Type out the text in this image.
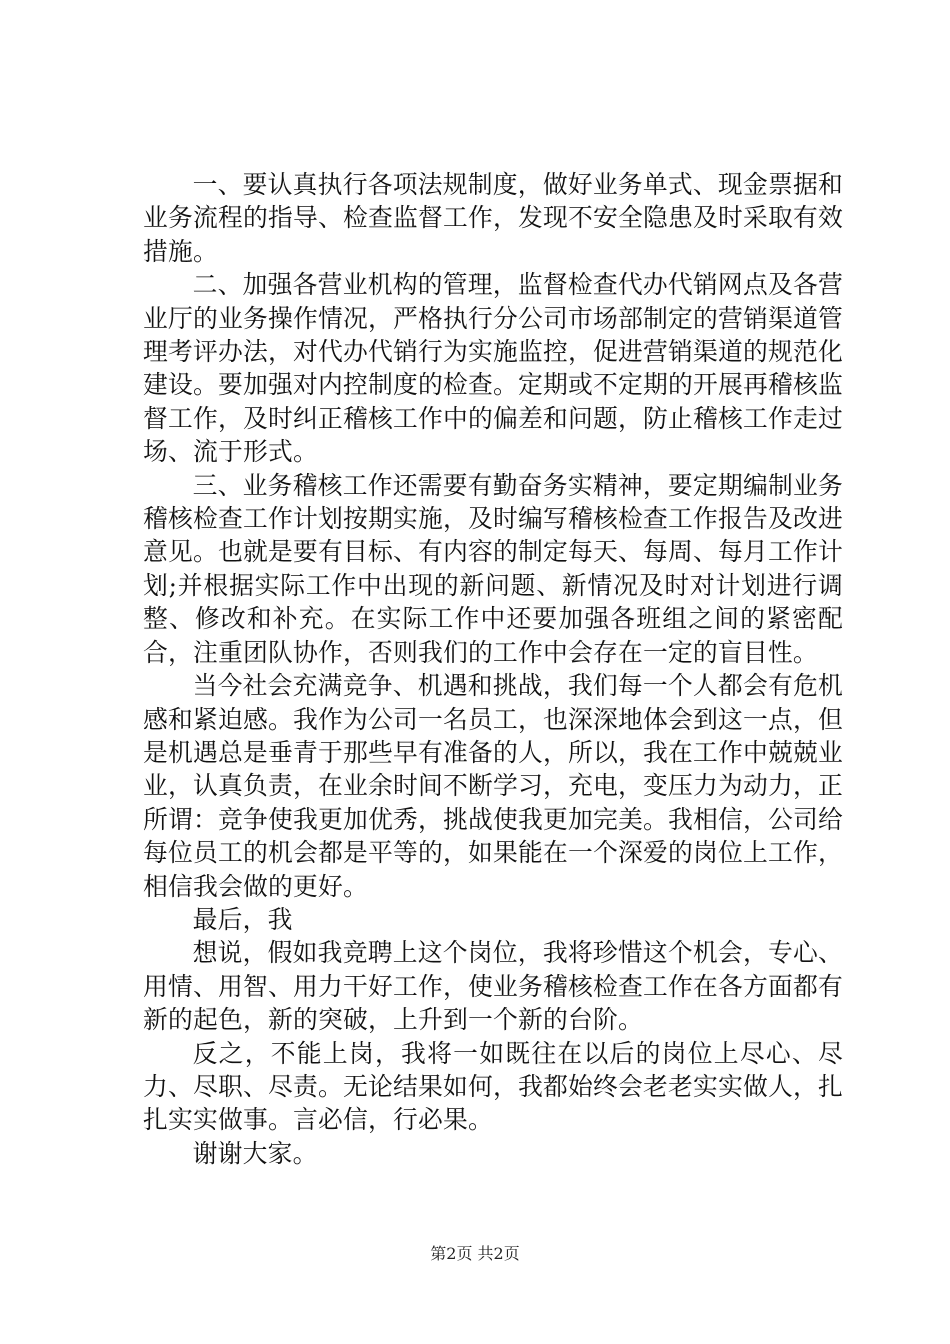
一、要认真执行各项法规制度，做好业务单式、现金票据和业务流程的指导、检查监督工作，发现不安全隐患及时采取有效措施。

二、加强各营业机构的管理，监督检查代办代销网点及各营业厅的业务操作情况，严格执行分公司市场部制定的营销渠道管理考评办法，对代办代销行为实施监控，促进营销渠道的规范化建设。要加强对内控制度的检查。定期或不定期的开展再稽核监督工作，及时纠正稽核工作中的偏差和问题，防止稽核工作走过场、流于形式。

三、业务稽核工作还需要有勤奋务实精神，要定期编制业务稽核检查工作计划按期实施，及时编写稽核检查工作报告及改进意见。也就是要有目标、有内容的制定每天、每周、每月工作计划;并根据实际工作中出现的新问题、新情况及时对计划进行调整、修改和补充。在实际工作中还要加强各班组之间的紧密配合，注重团队协作，否则我们的工作中会存在一定的盲目性。

当今社会充满竞争、机遇和挑战，我们每一个人都会有危机感和紧迫感。我作为公司一名员工，也深深地体会到这一点，但是机遇总是垂青于那些早有准备的人，所以，我在工作中兢兢业业，认真负责，在业余时间不断学习，充电，变压力为动力，正所谓：竞争使我更加优秀，挑战使我更加完美。我相信，公司给每位员工的机会都是平等的，如果能在一个深爱的岗位上工作，相信我会做的更好。

最后，我

想说，假如我竞聘上这个岗位，我将珍惜这个机会，专心、用情、用智、用力干好工作，使业务稽核检查工作在各方面都有新的起色，新的突破，上升到一个新的台阶。

反之，不能上岗，我将一如既往在以后的岗位上尽心、尽力、尽职、尽责。无论结果如何，我都始终会老老实实做人，扎扎实实做事。言必信，行必果。

谢谢大家。

第2页 共2页
